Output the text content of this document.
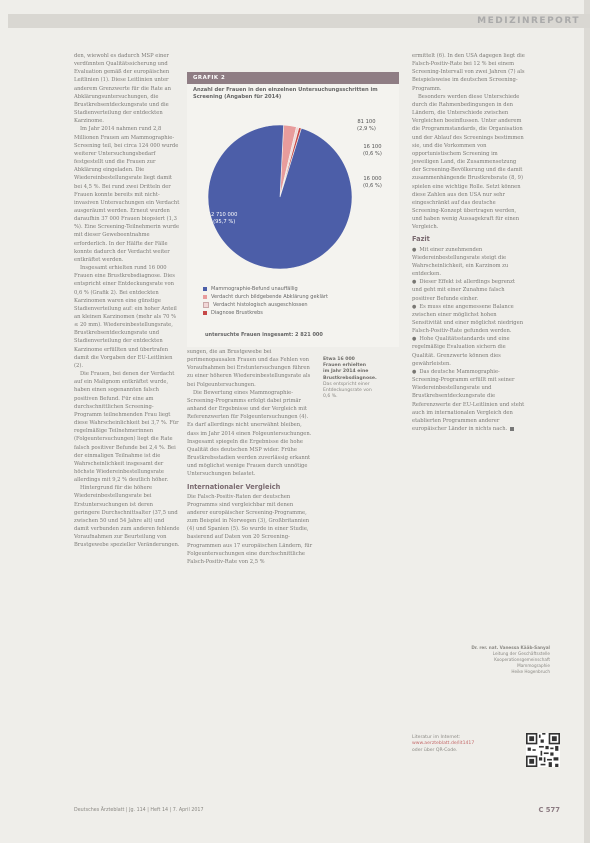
MEDIZINREPORT

den, wiewohl es dadurch MSP einer verdünnten Qualitätssicherung und Evaluation gemäß der europäischen Leitlinien (1). Diese Leitlinien unter anderem Grenzwerte für die Rate an Abklärungsuntersuchungen, die Brustkrebsentdeckungsrate und die Stadienverteilung der entdeckten Karzinome.

Im Jahr 2014 nahmen rund 2,8 Millionen Frauen am Mammographie-Screening teil, bei circa 124 000 wurde weiterer Untersuchungsbedarf festgestellt und die Frauen zur Abklärung eingeladen. Die Wiedereinbestellungsrate liegt damit bei 4,5 %. Bei rund zwei Dritteln der Frauen konnte bereits mit nicht-invasiven Untersuchungen ein Verdacht ausgeräumt werden. Erneut wurden daraufhin 37 000 Frauen biopsiert (1,3 %). Eine Screening-Teilnehmerin wurde mit dieser Gewebeentnahme erforderlich. In der Hälfte der Fälle konnte dadurch der Verdacht weiter entkräftet werden.

Insgesamt erhielten rund 16 000 Frauen eine Brustkrebsdiagnose. Dies entspricht einer Entdeckungsrate von 0,6 % (Grafik 2). Bei entdeckten Karzinomen waren eine günstige Stadienverteilung auf: ein hoher Anteil an kleinen Karzinomen (mehr als 70 % ≤ 20 mm). Wiedereinbestellungsrate, Brustkrebsentdeckungsrate und Stadienverteilung der entdeckten Karzinome erfüllten und übertrafen damit die Vorgaben der EU-Leitlinien (2).

Die Frauen, bei denen der Verdacht auf ein Malignom entkräftet wurde, haben einen sogenannten falsch positiven Befund. Für eine am durchschnittlichen Screening-Programm teilnehmenden Frau liegt diese Wahrscheinlichkeit bei 3,7 %. Für regelmäßige Teilnehmerinnen (Folgeuntersuchungen) liegt die Rate falsch positiver Befunde bei 2,4 %. Bei der einmaligen Teilnahme ist die Wahrscheinlichkeit insgesamt der höchste Wiedereinbestellungsrate allerdings mit 9,2 % deutlich höher.

Hintergrund für die höhere Wiedereinbestellungsrate bei Erstuntersuchungen ist deren geringere Durchschnittsalter (37,5 und zwischen 50 und 54 Jahre alt) und damit verbunden zum anderen fehlende Voraufnahmen zur Beurteilung von Brustgewebe spezieller Veränderungen.

GRAFIK 2
Anzahl der Frauen in den einzelnen Untersuchungsschritten im Screening (Angaben für 2014)
2 710 000
(95,7 %)
81 100
(2,9 %)
16 100
(0,6 %)
16 000
(0,6 %)
Mammographie-Befund unauffällig
Verdacht durch bildgebende Abklärung geklärt
Verdacht histologisch ausgeschlossen
Diagnose Brustkrebs
untersuchte Frauen insgesamt: 2 821 000

sungen, die an Brustgewebe bei perimenopausalen Frauen und das Fehlen von Voraufnahmen bei Erstuntersuchungen führen zu einer höheren Wiedereinbestellungsrate als bei Folgeuntersuchungen.

Die Bewertung eines Mammographie-Screening-Programms erfolgt dabei primär anhand der Ergebnisse und der Vergleich mit Referenzwerten für Folgeuntersuchungen (4). Es darf allerdings nicht unerwähnt bleiben, dass im Jahr 2014 einen Folgeuntersuchungen. Insgesamt spiegeln die Ergebnisse die hohe Qualität des deutschen MSP wider. Frühe Brustkrebsstadien werden zuverlässig erkannt und möglichst wenige Frauen durch unnötige Untersuchungen belastet.

Internationaler Vergleich

Die Falsch-Positiv-Raten der deutschen Programms sind vergleichbar mit denen anderer europäischer Screening-Programme, zum Beispiel in Norwegen (3), Großbritannien (4) und Spanien (5). So wurde in einer Studie, basierend auf Daten von 20 Screening-Programmen aus 17 europäischen Ländern, für Folgeuntersuchungen eine durchschnittliche Falsch-Positiv-Rate von 2,5 %

Etwa 16 000 Frauen erhielten im Jahr 2014 eine Brustkrebsdiagnose.
Das entspricht einer Entdeckungsrate von 0,6 %.

ermittelt (6). In den USA dagegen liegt die Falsch-Positiv-Rate bei 12 % bei einem Screening-Intervall von zwei Jahren (7) als Beispielsweise im deutschen Screening-Programm.

Besonders werden diese Unterschiede durch die Rahmenbedingungen in den Ländern, die Unterschiede zwischen Vergleichen beeinflussen. Unter anderem die Programmstandards, die Organisation und der Ablauf des Screenings bestimmen sie, und die Vorkommen von opportunistischem Screening im jeweiligen Land, die Zusammensetzung der Screening-Bevölkerung und die damit zusammenhängende Brustkrebsrate (8, 9) spielen eine wichtige Rolle. Setzt können diese Zahlen aus den USA nur sehr eingeschränkt auf das deutsche Screening-Konzept übertragen werden, und haben wenig Aussagekraft für einen Vergleich.

Fazit

● Mit einer zunehmenden Wiedereinbestellungsrate steigt die Wahrscheinlichkeit, ein Karzinom zu entdecken.

● Dieser Effekt ist allerdings begrenzt und geht mit einer Zunahme falsch positiver Befunde einher.

● Es muss eine angemessene Balance zwischen einer möglichst hohen Sensitivität und einer möglichst niedrigen Falsch-Positiv-Rate gefunden werden.

● Hohe Qualitätsstandards und eine regelmäßige Evaluation sichern die Qualität. Grenzwerte können dies gewährleisten.

● Das deutsche Mammographie-Screening-Programm erfüllt mit seiner Wiedereinbestellungsrate und Brustkrebsentdeckungsrate die Referenzwerte der EU-Leitlinien und steht auch im internationalen Vergleich den etablierten Programmen anderer europäischer Länder in nichts nach.

Dr. rer. nat. Vanessa Kääb-Sanyal
Leitung der Geschäftsstelle
Kooperationsgemeinschaft Mammographie
Heike Hogenbruch
Literatur im Internet:
www.aerzteblatt.de/lit1417
oder über QR-Code.
Deutsches Ärzteblatt | Jg. 114 | Heft 14 | 7. April 2017	C 577
